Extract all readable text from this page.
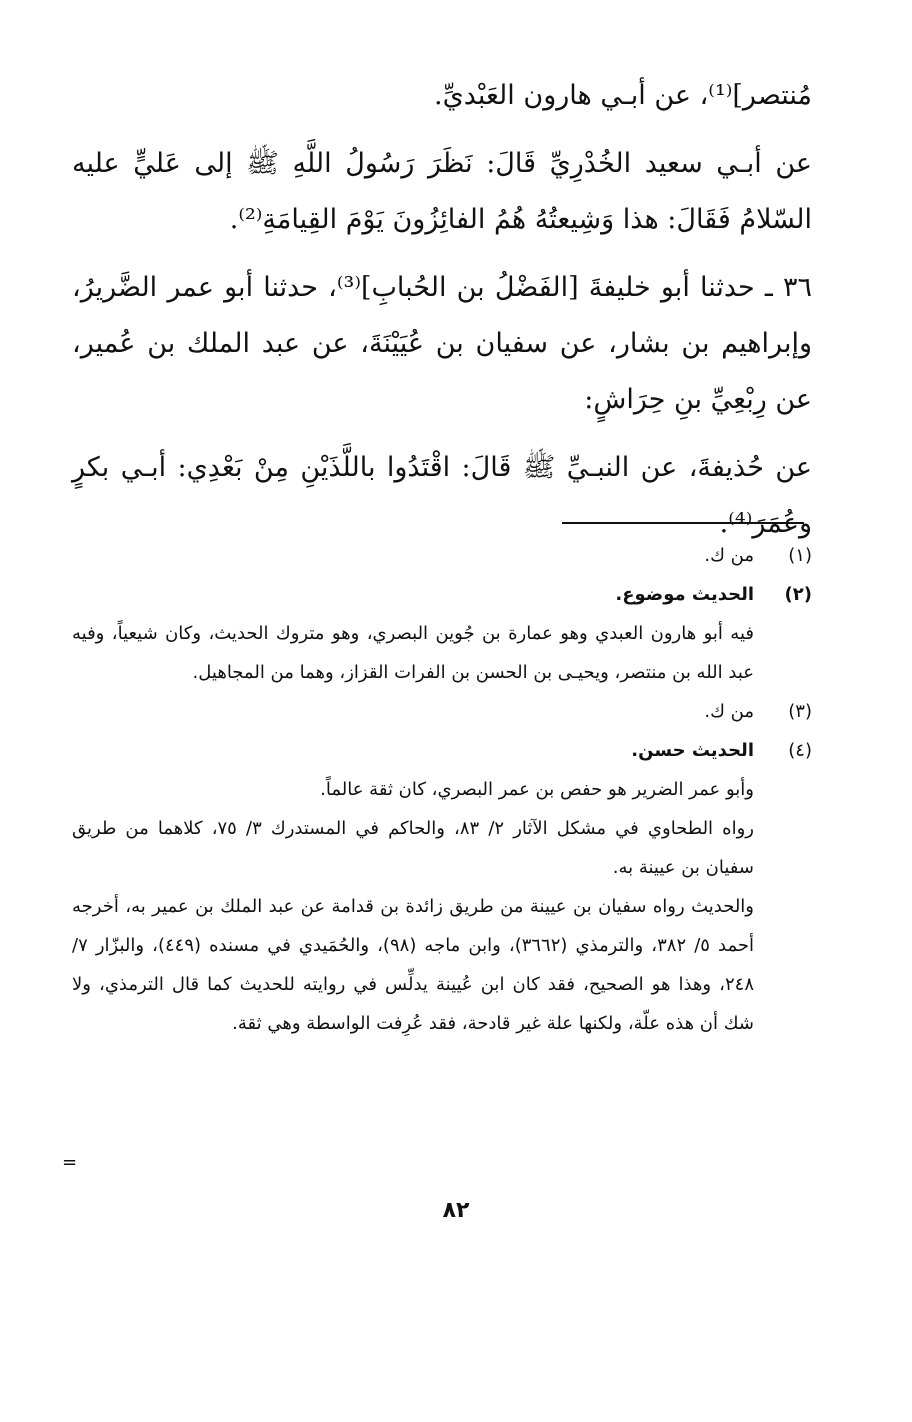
مُنتصر]⁽¹⁾، عن أبـي هارون العَبْديِّ.

عن أبـي سعيد الخُدْرِيِّ قَالَ: نَظَرَ رَسُولُ اللَّهِ ﷺ إلى عَليٍّ عليه السّلامُ فَقَالَ: هذا وَشِيعتُهُ هُمُ الفائِزُونَ يَوْمَ القِيامَةِ⁽²⁾.

٣٦ ـ حدثنا أبو خليفةَ [الفَضْلُ بن الحُبابِ]⁽³⁾، حدثنا أبو عمر الضَّريرُ، وإبراهيم بن بشار، عن سفيان بن عُيَيْنَةَ، عن عبد الملك بن عُمير، عن رِبْعِيِّ بنِ حِرَاشٍ:

عن حُذيفةَ، عن النبـيِّ ﷺ قَالَ: اقْتَدُوا باللَّذَيْنِ مِنْ بَعْدِي: أبـي بكرٍ وعُمَرَ⁽⁴⁾.

(١)
من ك.
(٢)
الحديث موضوع.

فيه أبو هارون العبدي وهو عمارة بن جُوين البصري، وهو متروك الحديث، وكان شيعياً، وفيه عبد الله بن منتصر، ويحيـى بن الحسن بن الفرات القزاز، وهما من المجاهيل.

(٣)
من ك.
(٤)
الحديث حسن.

وأبو عمر الضرير هو حفص بن عمر البصري، كان ثقة عالماً.

رواه الطحاوي في مشكل الآثار ٢/ ٨٣، والحاكم في المستدرك ٣/ ٧٥، كلاهما من طريق سفيان بن عيينة به.

والحديث رواه سفيان بن عيينة من طريق زائدة بن قدامة عن عبد الملك بن عمير به، أخرجه أحمد ٥/ ٣٨٢، والترمذي (٣٦٦٢)، وابن ماجه (٩٨)، والحُمَيدي في مسنده (٤٤٩)، والبزّار ٧/ ٢٤٨، وهذا هو الصحيح، فقد كان ابن عُيينة يدلِّس في روايته للحديث كما قال الترمذي، ولا شك أن هذه علّة، ولكنها علة غير قادحة، فقد عُرِفت الواسطة وهي ثقة.

=
٨٢
